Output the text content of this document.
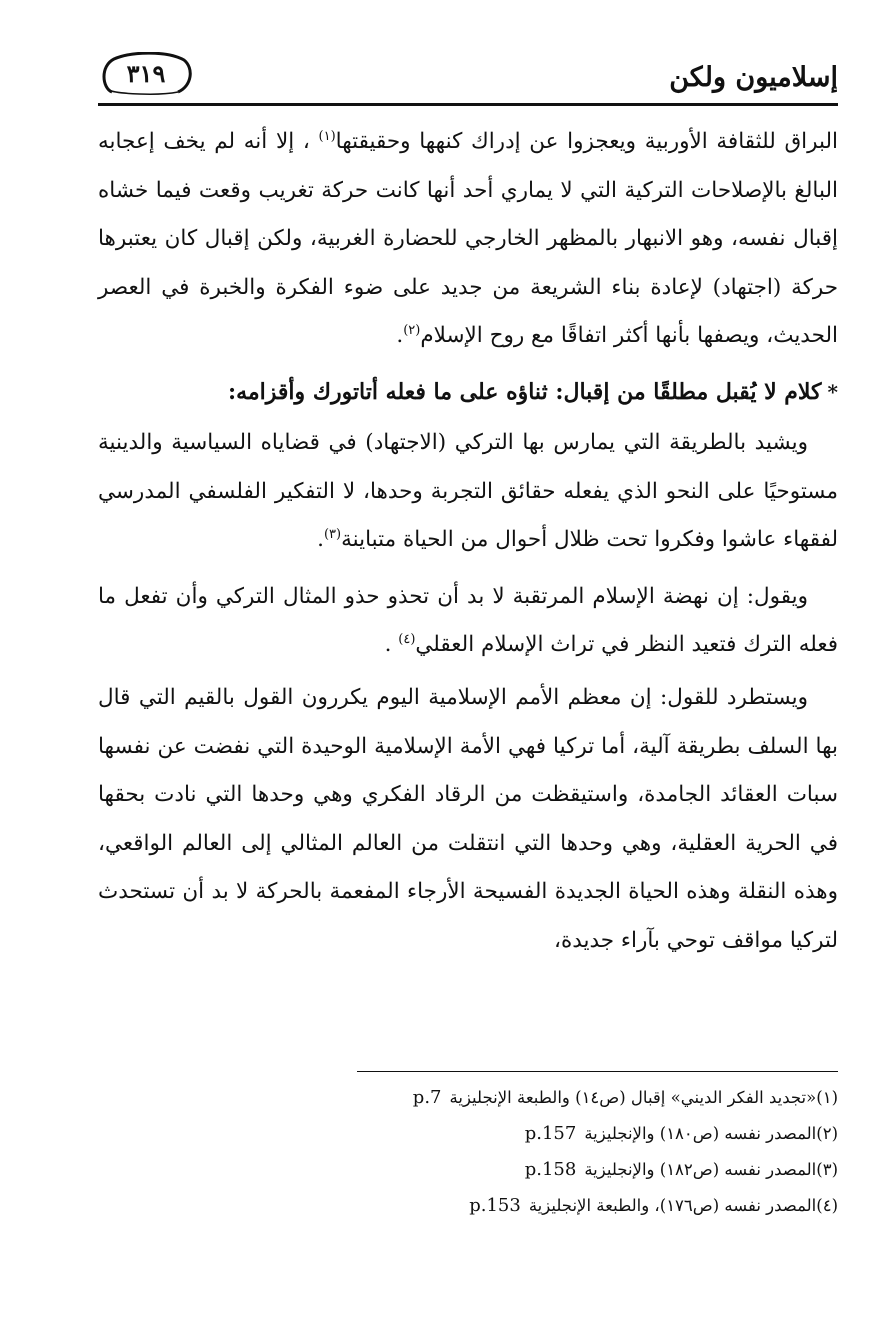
إسلاميون ولكن
٣١٩

البراق للثقافة الأوربية ويعجزوا عن إدراك كنهها وحقيقتها$^{(١)}$ ، إلا أنه لم يخف إعجابه البالغ بالإصلاحات التركية التي لا يماري أحد أنها كانت حركة تغريب وقعت فيما خشاه إقبال نفسه، وهو الانبهار بالمظهر الخارجي للحضارة الغربية، ولكن إقبال كان يعتبرها حركة (اجتهاد) لإعادة بناء الشريعة من جديد على ضوء الفكرة والخبرة في العصر الحديث، ويصفها بأنها أكثر اتفاقًا مع روح الإسلام$^{(٢)}$.

*كلام لا يُقبل مطلقًا من إقبال: ثناؤه على ما فعله أتاتورك وأقزامه:

ويشيد بالطريقة التي يمارس بها التركي (الاجتهاد) في قضاياه السياسية والدينية مستوحيًا على النحو الذي يفعله حقائق التجربة وحدها، لا التفكير الفلسفي المدرسي لفقهاء عاشوا وفكروا تحت ظلال أحوال من الحياة متباينة$^{(٣)}$.

ويقول: إن نهضة الإسلام المرتقبة لا بد أن تحذو حذو المثال التركي وأن تفعل ما فعله الترك فتعيد النظر في تراث الإسلام العقلي$^{(٤)}$ .

ويستطرد للقول: إن معظم الأمم الإسلامية اليوم يكررون القول بالقيم التي قال بها السلف بطريقة آلية، أما تركيا فهي الأمة الإسلامية الوحيدة التي نفضت عن نفسها سبات العقائد الجامدة، واستيقظت من الرقاد الفكري وهي وحدها التي نادت بحقها في الحرية العقلية، وهي وحدها التي انتقلت من العالم المثالي إلى العالم الواقعي، وهذه النقلة وهذه الحياة الجديدة الفسيحة الأرجاء المفعمة بالحركة لا بد أن تستحدث لتركيا مواقف توحي بآراء جديدة،

(١)«تجديد الفكر الديني» إقبال (ص١٤) والطبعة الإنجليزيةp.7
(٢)المصدر نفسه (ص١٨٠) والإنجليزيةp.157
(٣)المصدر نفسه (ص١٨٢) والإنجليزيةp.158
(٤)المصدر نفسه (ص١٧٦)، والطبعة الإنجليزيةp.153
